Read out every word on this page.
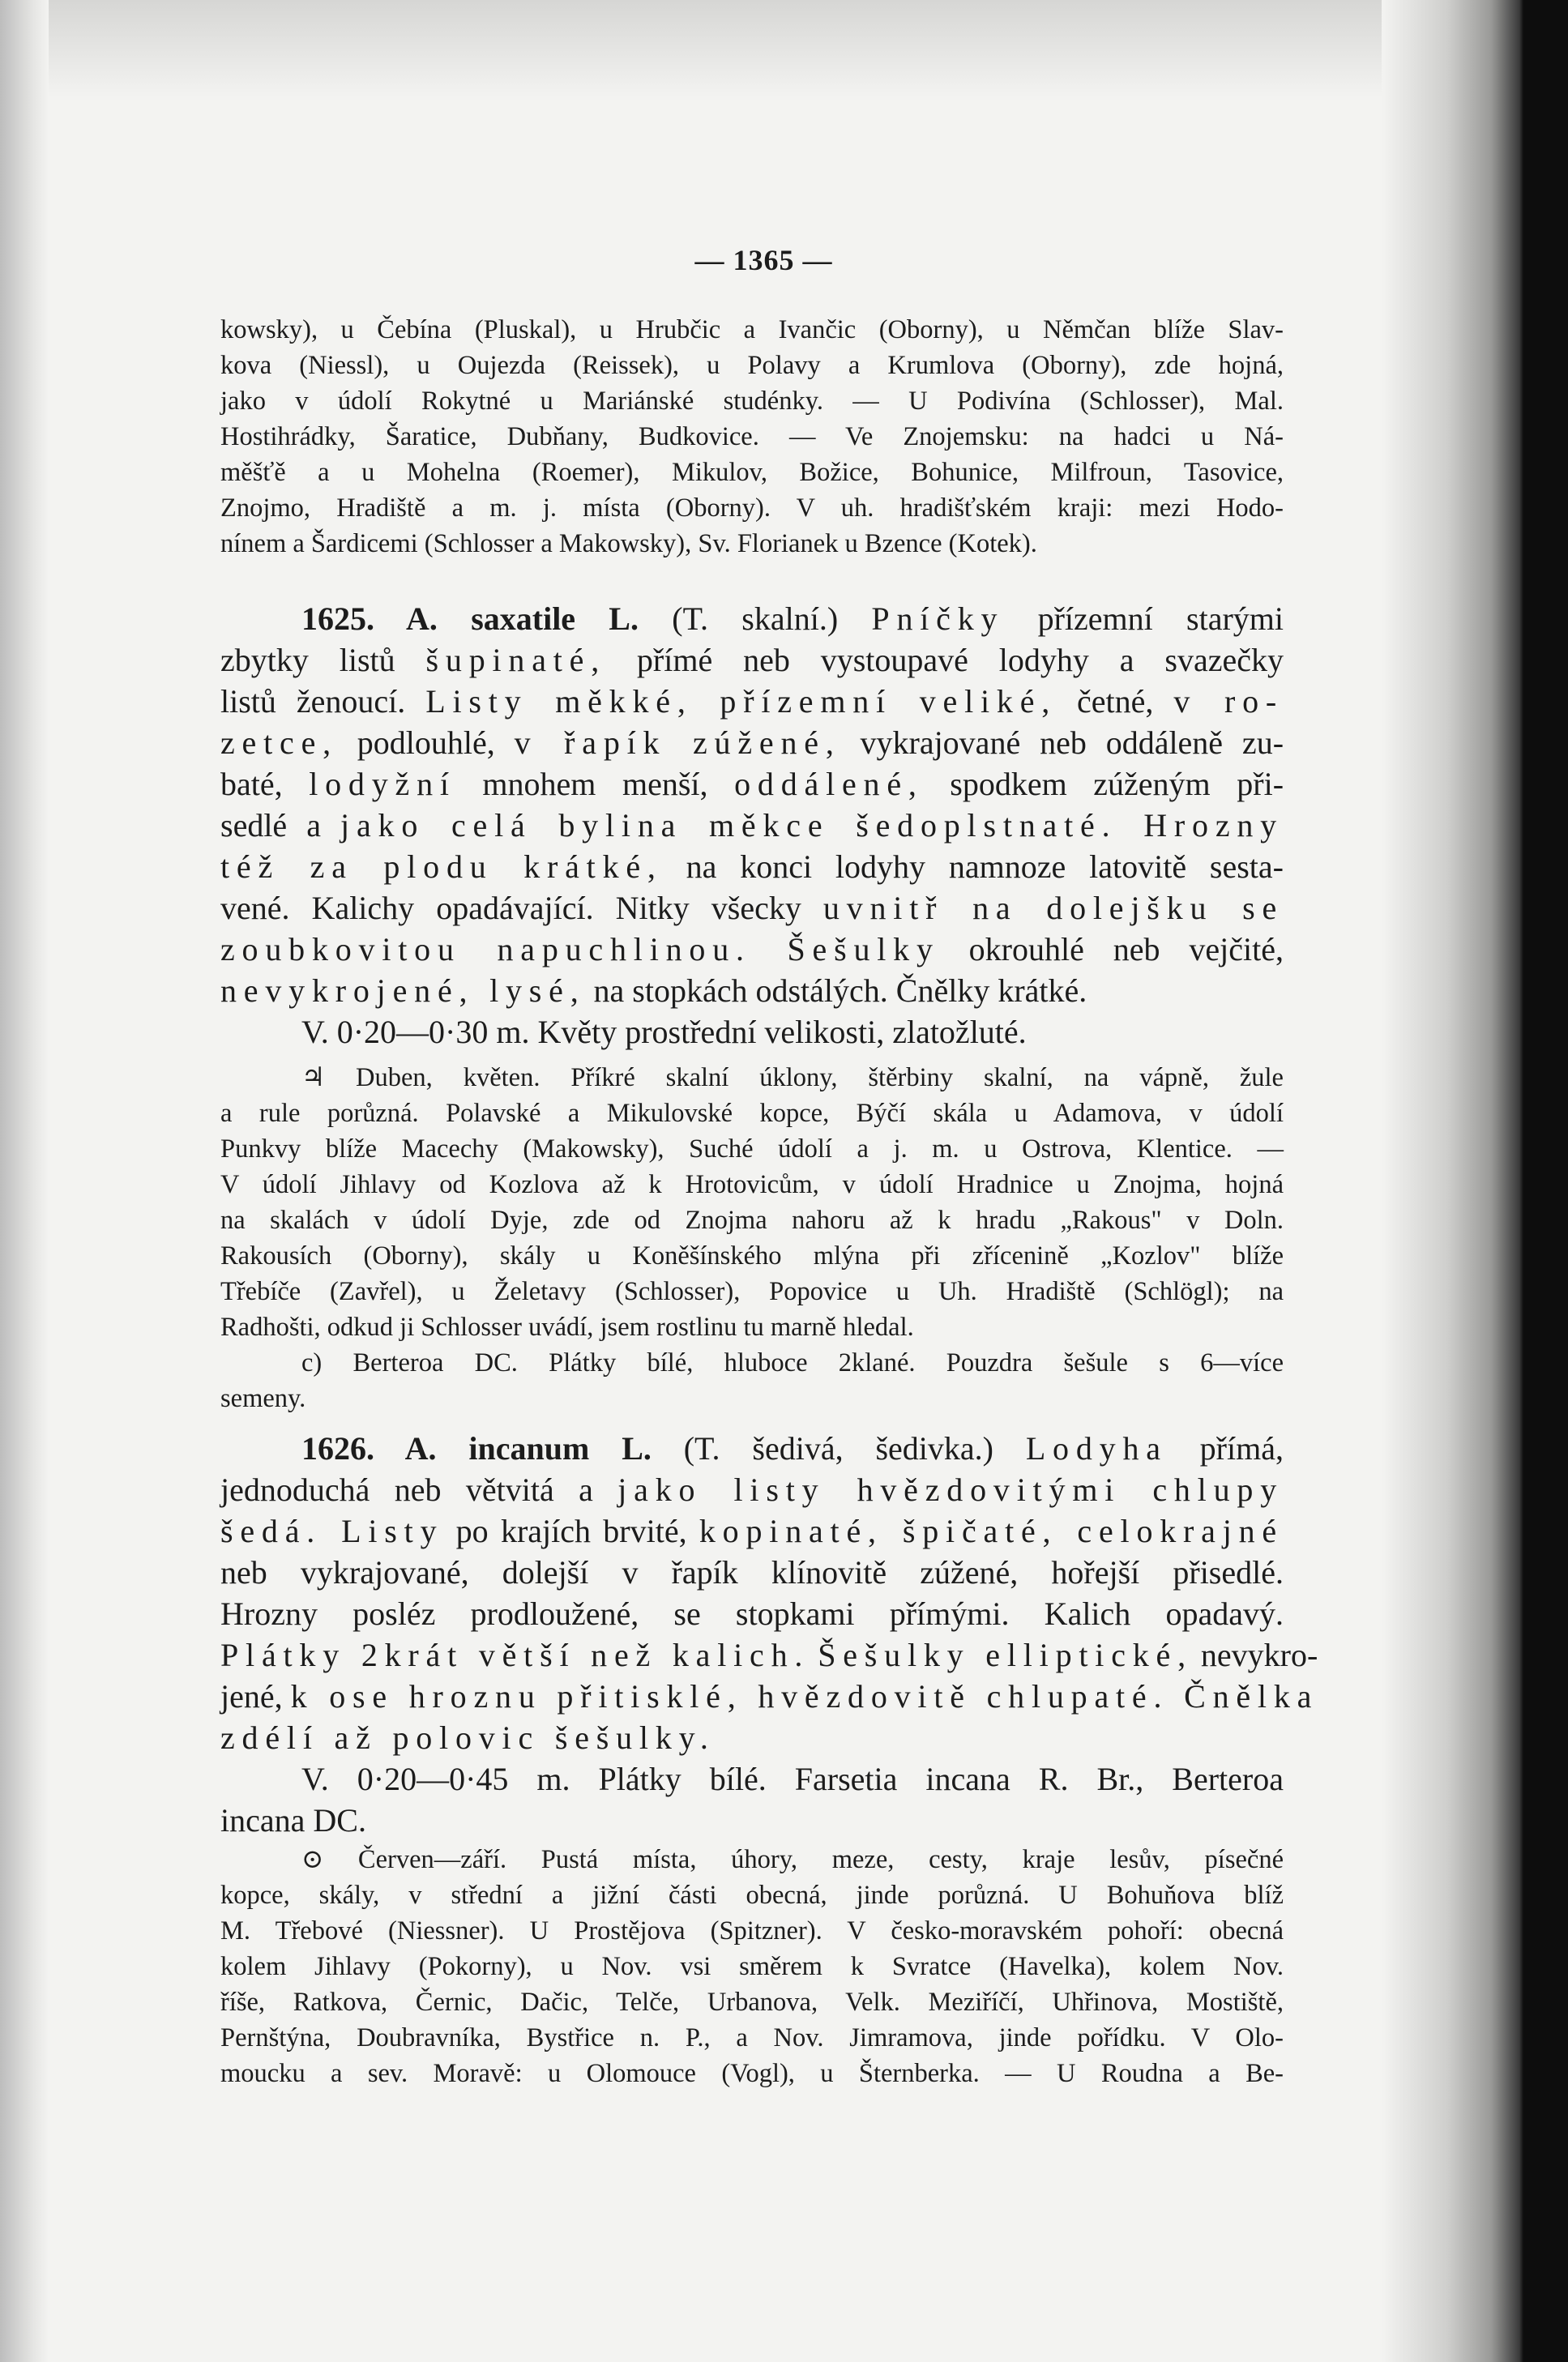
— 1365 —
kowsky), u Čebína (Pluskal), u Hrubčic a Ivančic (Oborny), u Němčan blíže Slav-
kova (Niessl), u Oujezda (Reissek), u Polavy a Krumlova (Oborny), zde hojná,
jako v údolí Rokytné u Mariánské studénky. — U Podivína (Schlosser), Mal.
Hostihrádky, Šaratice, Dubňany, Budkovice. — Ve Znojemsku: na hadci u Ná-
měšťě a u Mohelna (Roemer), Mikulov, Božice, Bohunice, Milfroun, Tasovice,
Znojmo, Hradiště a m. j. místa (Oborny). V uh. hradišťském kraji: mezi Hodo-
nínem a Šardicemi (Schlosser a Makowsky), Sv. Florianek u Bzence (Kotek).
1625. A. saxatile L. (T. skalní.) Pníčky přízemní starými
zbytky listů šupinaté, přímé neb vystoupavé lodyhy a svazečky
listů ženoucí. Listy měkké, přízemní veliké, četné, v ro-
zetce, podlouhlé, v řapík zúžené, vykrajované neb oddáleně zu-
baté, lodyžní mnohem menší, oddálené, spodkem zúženým při-
sedlé a jako celá bylina měkce šedoplstnaté. Hrozny
též za plodu krátké, na konci lodyhy namnoze latovitě sesta-
vené. Kalichy opadávající. Nitky všecky uvnitř na dolejšku se
zoubkovitou napuchlinou. Šešulky okrouhlé neb vejčité,
nevykrojené, lysé, na stopkách odstálých. Čnělky krátké.
V. 0·20—0·30 m. Květy prostřední velikosti, zlatožluté.
♃ Duben, květen. Příkré skalní úklony, štěrbiny skalní, na vápně, žule
a rule porůzná. Polavské a Mikulovské kopce, Býčí skála u Adamova, v údolí
Punkvy blíže Macechy (Makowsky), Suché údolí a j. m. u Ostrova, Klentice. —
V údolí Jihlavy od Kozlova až k Hrotovicům, v údolí Hradnice u Znojma, hojná
na skalách v údolí Dyje, zde od Znojma nahoru až k hradu „Rakous" v Doln.
Rakousích (Oborny), skály u Koněšínského mlýna při zřícenině „Kozlov" blíže
Třebíče (Zavřel), u Želetavy (Schlosser), Popovice u Uh. Hradiště (Schlögl); na
Radhošti, odkud ji Schlosser uvádí, jsem rostlinu tu marně hledal.
c) Berteroa DC. Plátky bílé, hluboce 2klané. Pouzdra šešule s 6—více
semeny.
1626. A. incanum L. (T. šedivá, šedivka.) Lodyha přímá,
jednoduchá neb větvitá a jako listy hvězdovitými chlupy
šedá. Listy po krajích brvité, kopinaté, špičaté, celokrajné
neb vykrajované, dolejší v řapík klínovitě zúžené, hořejší přisedlé.
Hrozny posléz prodloužené, se stopkami přímými. Kalich opadavý.
Plátky 2krát větší než kalich. Šešulky elliptické, nevykro-
jené, k ose hroznu přitisklé, hvězdovitě chlupaté. Čnělka
zdélí až polovic šešulky.
V. 0·20—0·45 m. Plátky bílé. Farsetia incana R. Br., Berteroa
incana DC.
⊙ Červen—září. Pustá místa, úhory, meze, cesty, kraje lesův, písečné
kopce, skály, v střední a jižní části obecná, jinde porůzná. U Bohuňova blíž
M. Třebové (Niessner). U Prostějova (Spitzner). V česko-moravském pohoří: obecná
kolem Jihlavy (Pokorny), u Nov. vsi směrem k Svratce (Havelka), kolem Nov.
říše, Ratkova, Černic, Dačic, Telče, Urbanova, Velk. Meziříčí, Uhřinova, Mostiště,
Pernštýna, Doubravníka, Bystřice n. P., a Nov. Jimramova, jinde pořídku. V Olo-
moucku a sev. Moravě: u Olomouce (Vogl), u Šternberka. — U Roudna a Be-
